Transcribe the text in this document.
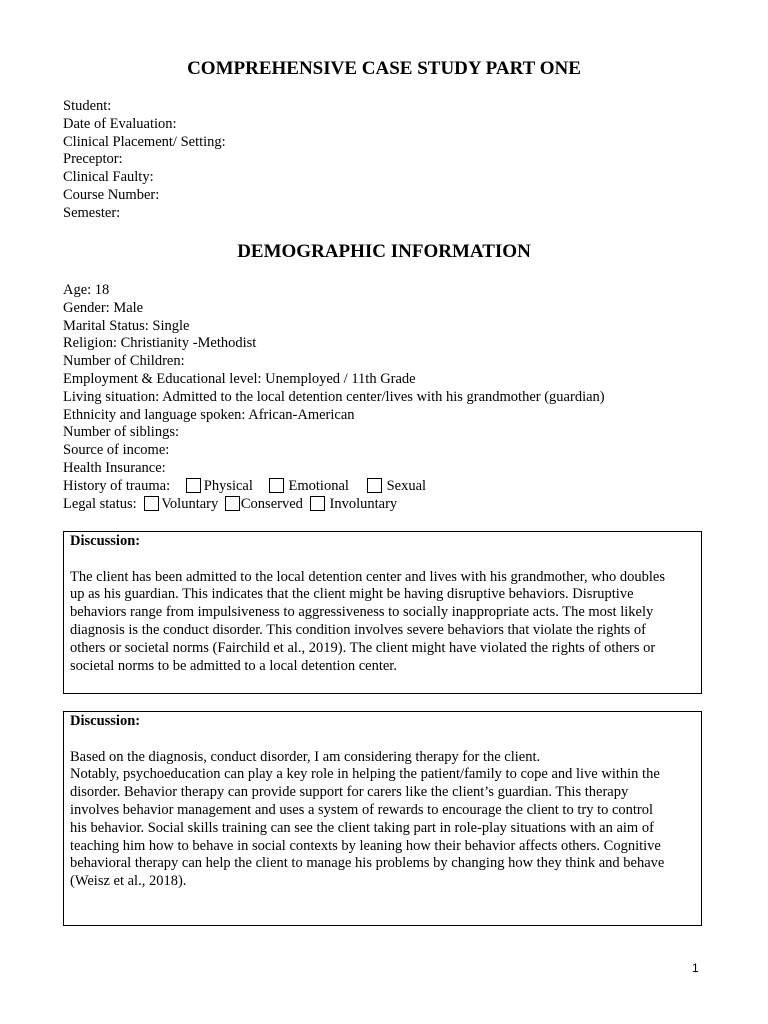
COMPREHENSIVE CASE STUDY PART ONE
Student:
Date of Evaluation:
Clinical Placement/ Setting:
Preceptor:
Clinical Faulty:
Course Number:
Semester:
DEMOGRAPHIC INFORMATION
Age: 18
Gender: Male
Marital Status: Single
Religion: Christianity -Methodist
Number of Children:
Employment & Educational level: Unemployed / 11th Grade
Living situation: Admitted to the local detention center/lives with his grandmother (guardian)
Ethnicity and language spoken: African-American
Number of siblings:
Source of income:
Health Insurance:
History of trauma: Physical Emotional	Sexual
Legal status: Voluntary Conserved Involuntary
Discussion:

The client has been admitted to the local detention center and lives with his grandmother, who doubles

up as his guardian. This indicates that the client might be having disruptive behaviors. Disruptive

behaviors range from impulsiveness to aggressiveness to socially inappropriate acts. The most likely

diagnosis is the conduct disorder. This condition involves severe behaviors that violate the rights of

others or societal norms (Fairchild et al., 2019). The client might have violated the rights of others or

societal norms to be admitted to a local detention center.

Discussion:

Based on the diagnosis, conduct disorder, I am considering therapy for the client.

Notably, psychoeducation can play a key role in helping the patient/family to cope and live within the

disorder. Behavior therapy can provide support for carers like the client’s guardian. This therapy

involves behavior management and uses a system of rewards to encourage the client to try to control

his behavior. Social skills training can see the client taking part in role-play situations with an aim of

teaching him how to behave in social contexts by leaning how their behavior affects others. Cognitive

behavioral therapy can help the client to manage his problems by changing how they think and behave

(Weisz et al., 2018).

1
